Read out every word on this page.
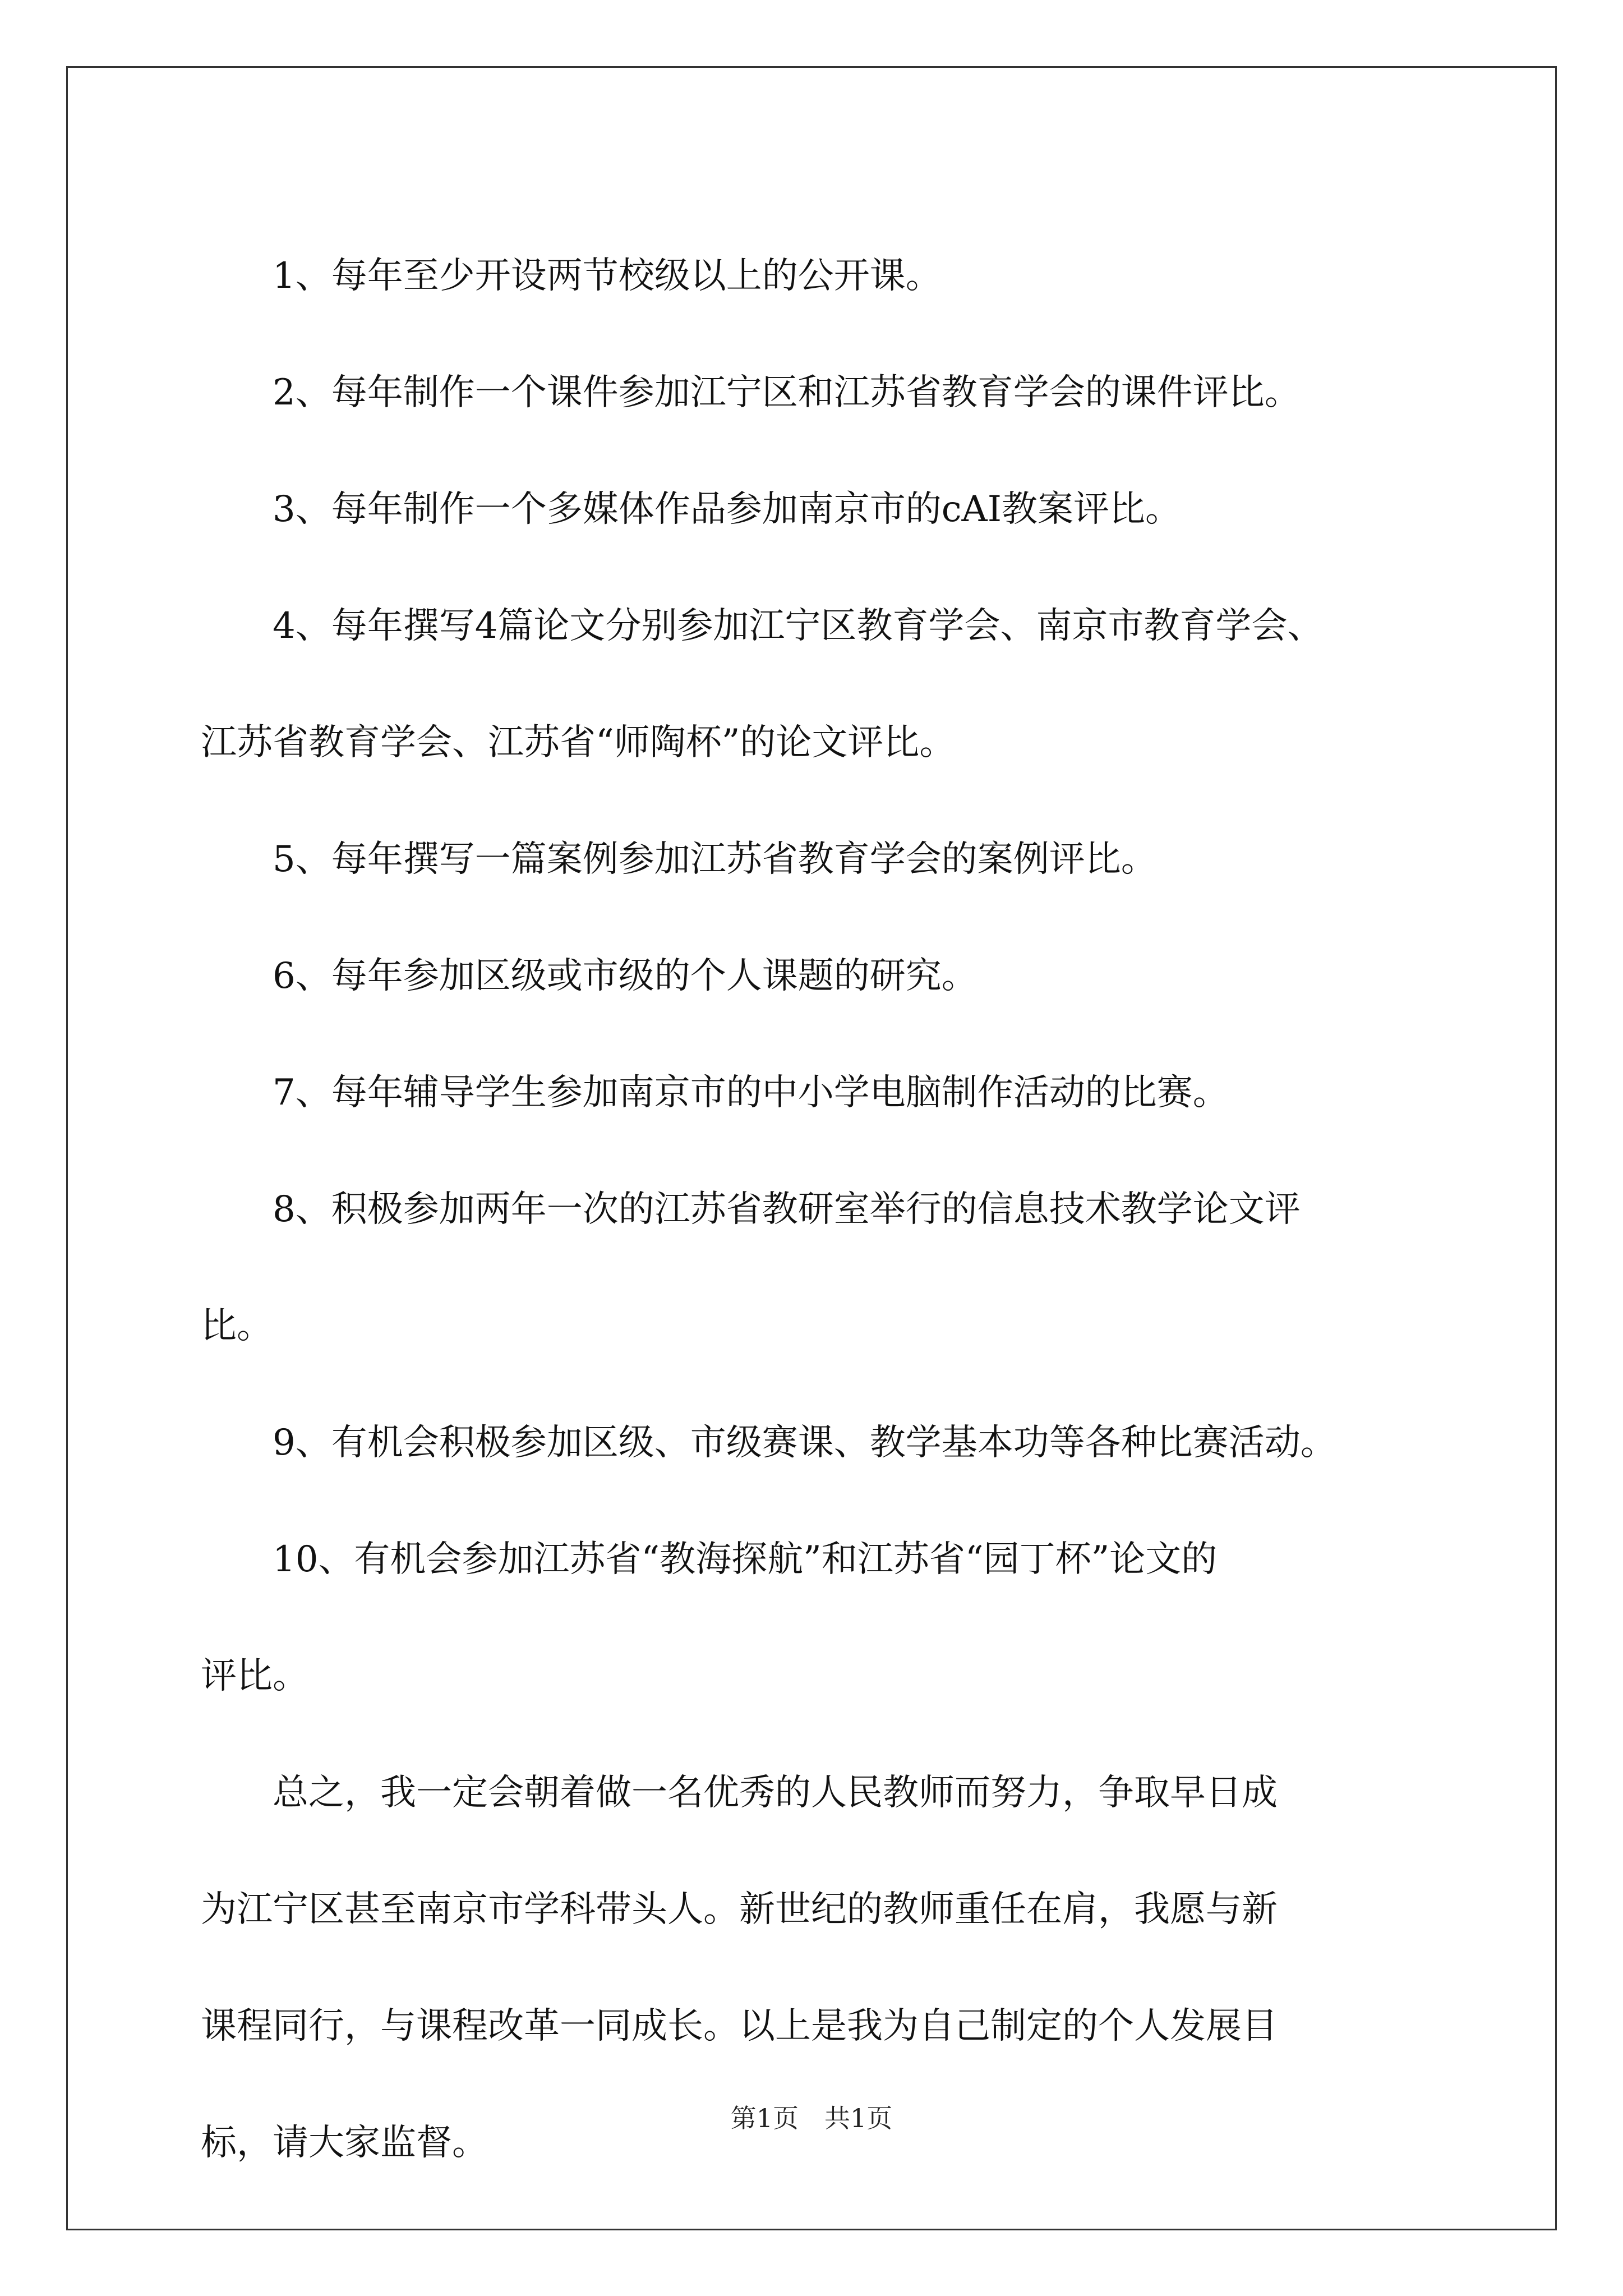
1、每年至少开设两节校级以上的公开课。

2、每年制作一个课件参加江宁区和江苏省教育学会的课件评比。

3、每年制作一个多媒体作品参加南京市的cAI教案评比。

4、每年撰写4篇论文分别参加江宁区教育学会、南京市教育学会、

江苏省教育学会、江苏省“师陶杯”的论文评比。

5、每年撰写一篇案例参加江苏省教育学会的案例评比。

6、每年参加区级或市级的个人课题的研究。

7、每年辅导学生参加南京市的中小学电脑制作活动的比赛。

8、积极参加两年一次的江苏省教研室举行的信息技术教学论文评

比。

9、有机会积极参加区级、市级赛课、教学基本功等各种比赛活动。

10、有机会参加江苏省“教海探航”和江苏省“园丁杯”论文的

评比。

总之，我一定会朝着做一名优秀的人民教师而努力，争取早日成

为江宁区甚至南京市学科带头人。新世纪的教师重任在肩，我愿与新

课程同行，与课程改革一同成长。以上是我为自己制定的个人发展目

标，请大家监督。

第1页 共1页
